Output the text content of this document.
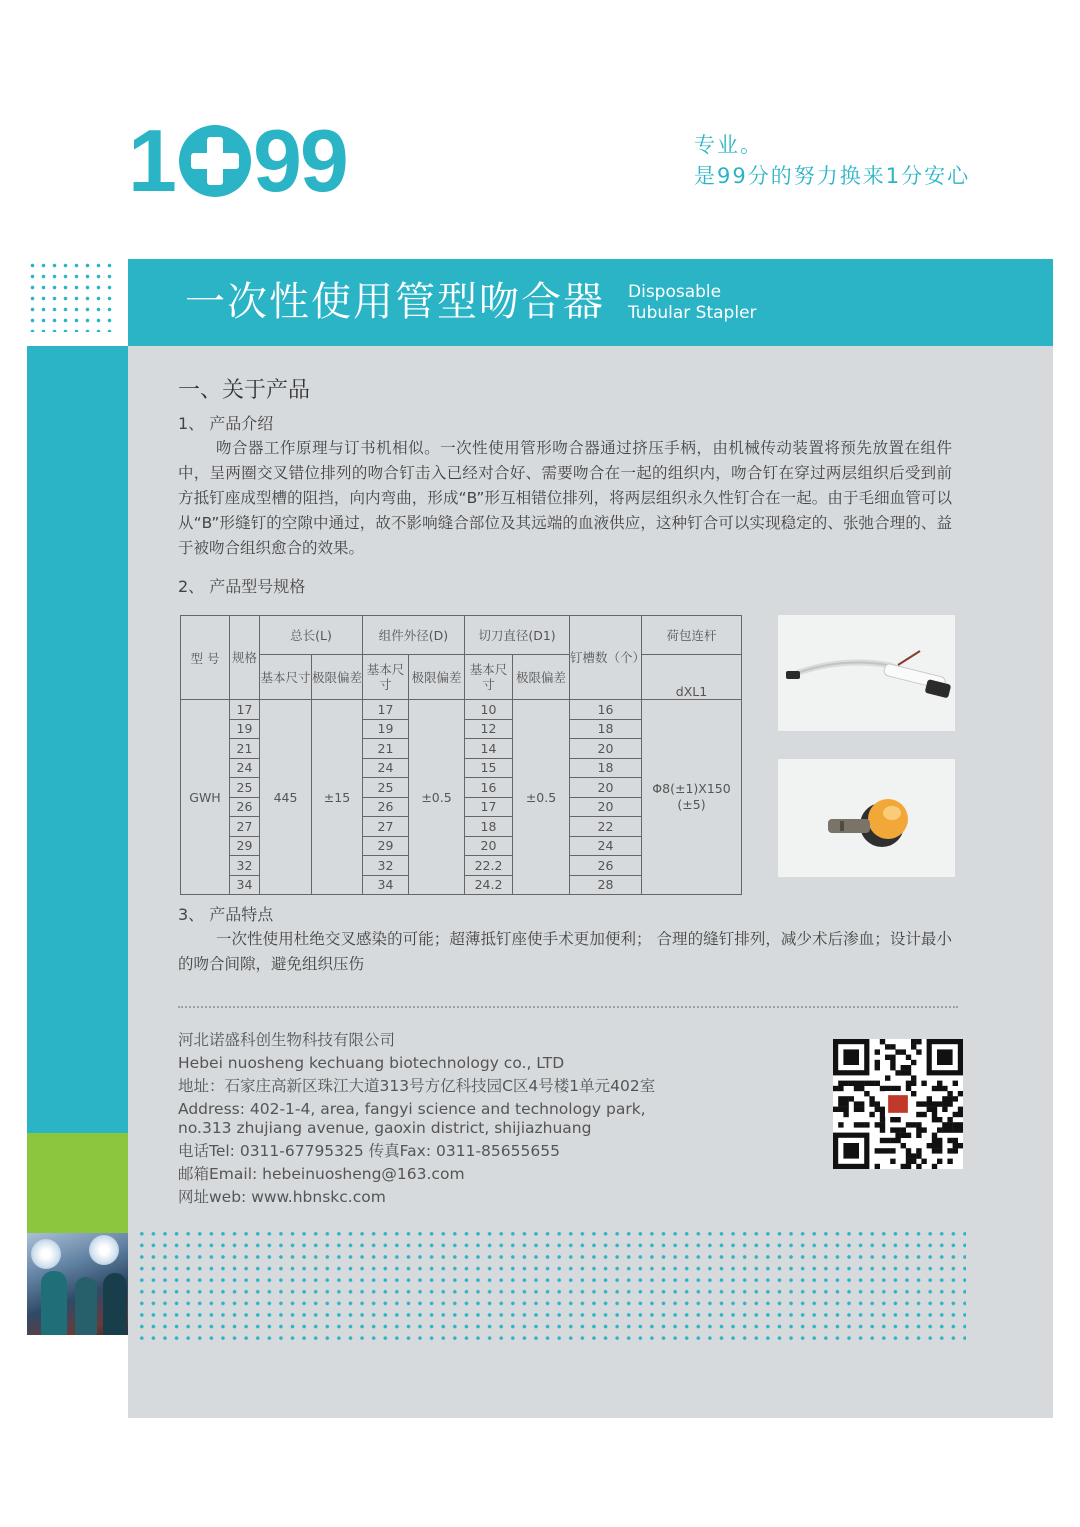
1 99	专业。
是99分的努力换来1分安心
一次性使用管型吻合器 Disposable
Tubular Stapler
一、关于产品
1、 产品介绍
吻合器工作原理与订书机相似。一次性使用管形吻合器通过挤压手柄，由机械传动装置将预先放置在组件中，呈两圈交叉错位排列的吻合钉击入已经对合好、需要吻合在一起的组织内，吻合钉在穿过两层组织后受到前方抵钉座成型槽的阻挡，向内弯曲，形成“B”形互相错位排列，将两层组织永久性钉合在一起。由于毛细血管可以从“B”形缝钉的空隙中通过，故不影响缝合部位及其远端的血液供应，这种钉合可以实现稳定的、张弛合理的、益于被吻合组织愈合的效果。
2、 产品型号规格
型 号	规格	总长(L)		组件外径(D)		切刀直径(D1)		钉槽数（个）	荷包连杆
		基本尺寸	极限偏差	基本尺寸	极限偏差	基本尺寸	极限偏差		dXL1
GWH	17	445	±15	17	±0.5	10	±0.5	16	Φ8(±1)X150
(±5)

	19			19		12		18	
	21			21		14		20	
	24			24		15		18	
	25			25		16		20	
	26			26		17		20	
	27			27		18		22	
	29			29		20		24	
	32			32		22.2		26	
	34			34		24.2		28	
3、 产品特点
一次性使用杜绝交叉感染的可能；超薄抵钉座使手术更加便利； 合理的缝钉排列，减少术后渗血；设计最小的吻合间隙，避免组织压伤
河北诺盛科创生物科技有限公司
Hebei nuosheng kechuang biotechnology co., LTD
地址：石家庄高新区珠江大道313号方亿科技园C区4号楼1单元402室
Address: 402-1-4, area, fangyi science and technology park,
no.313 zhujiang avenue, gaoxin district, shijiazhuang
电话Tel: 0311-67795325 传真Fax: 0311-85655655
邮箱Email: hebeinuosheng@163.com
网址web: www.hbnskc.com
